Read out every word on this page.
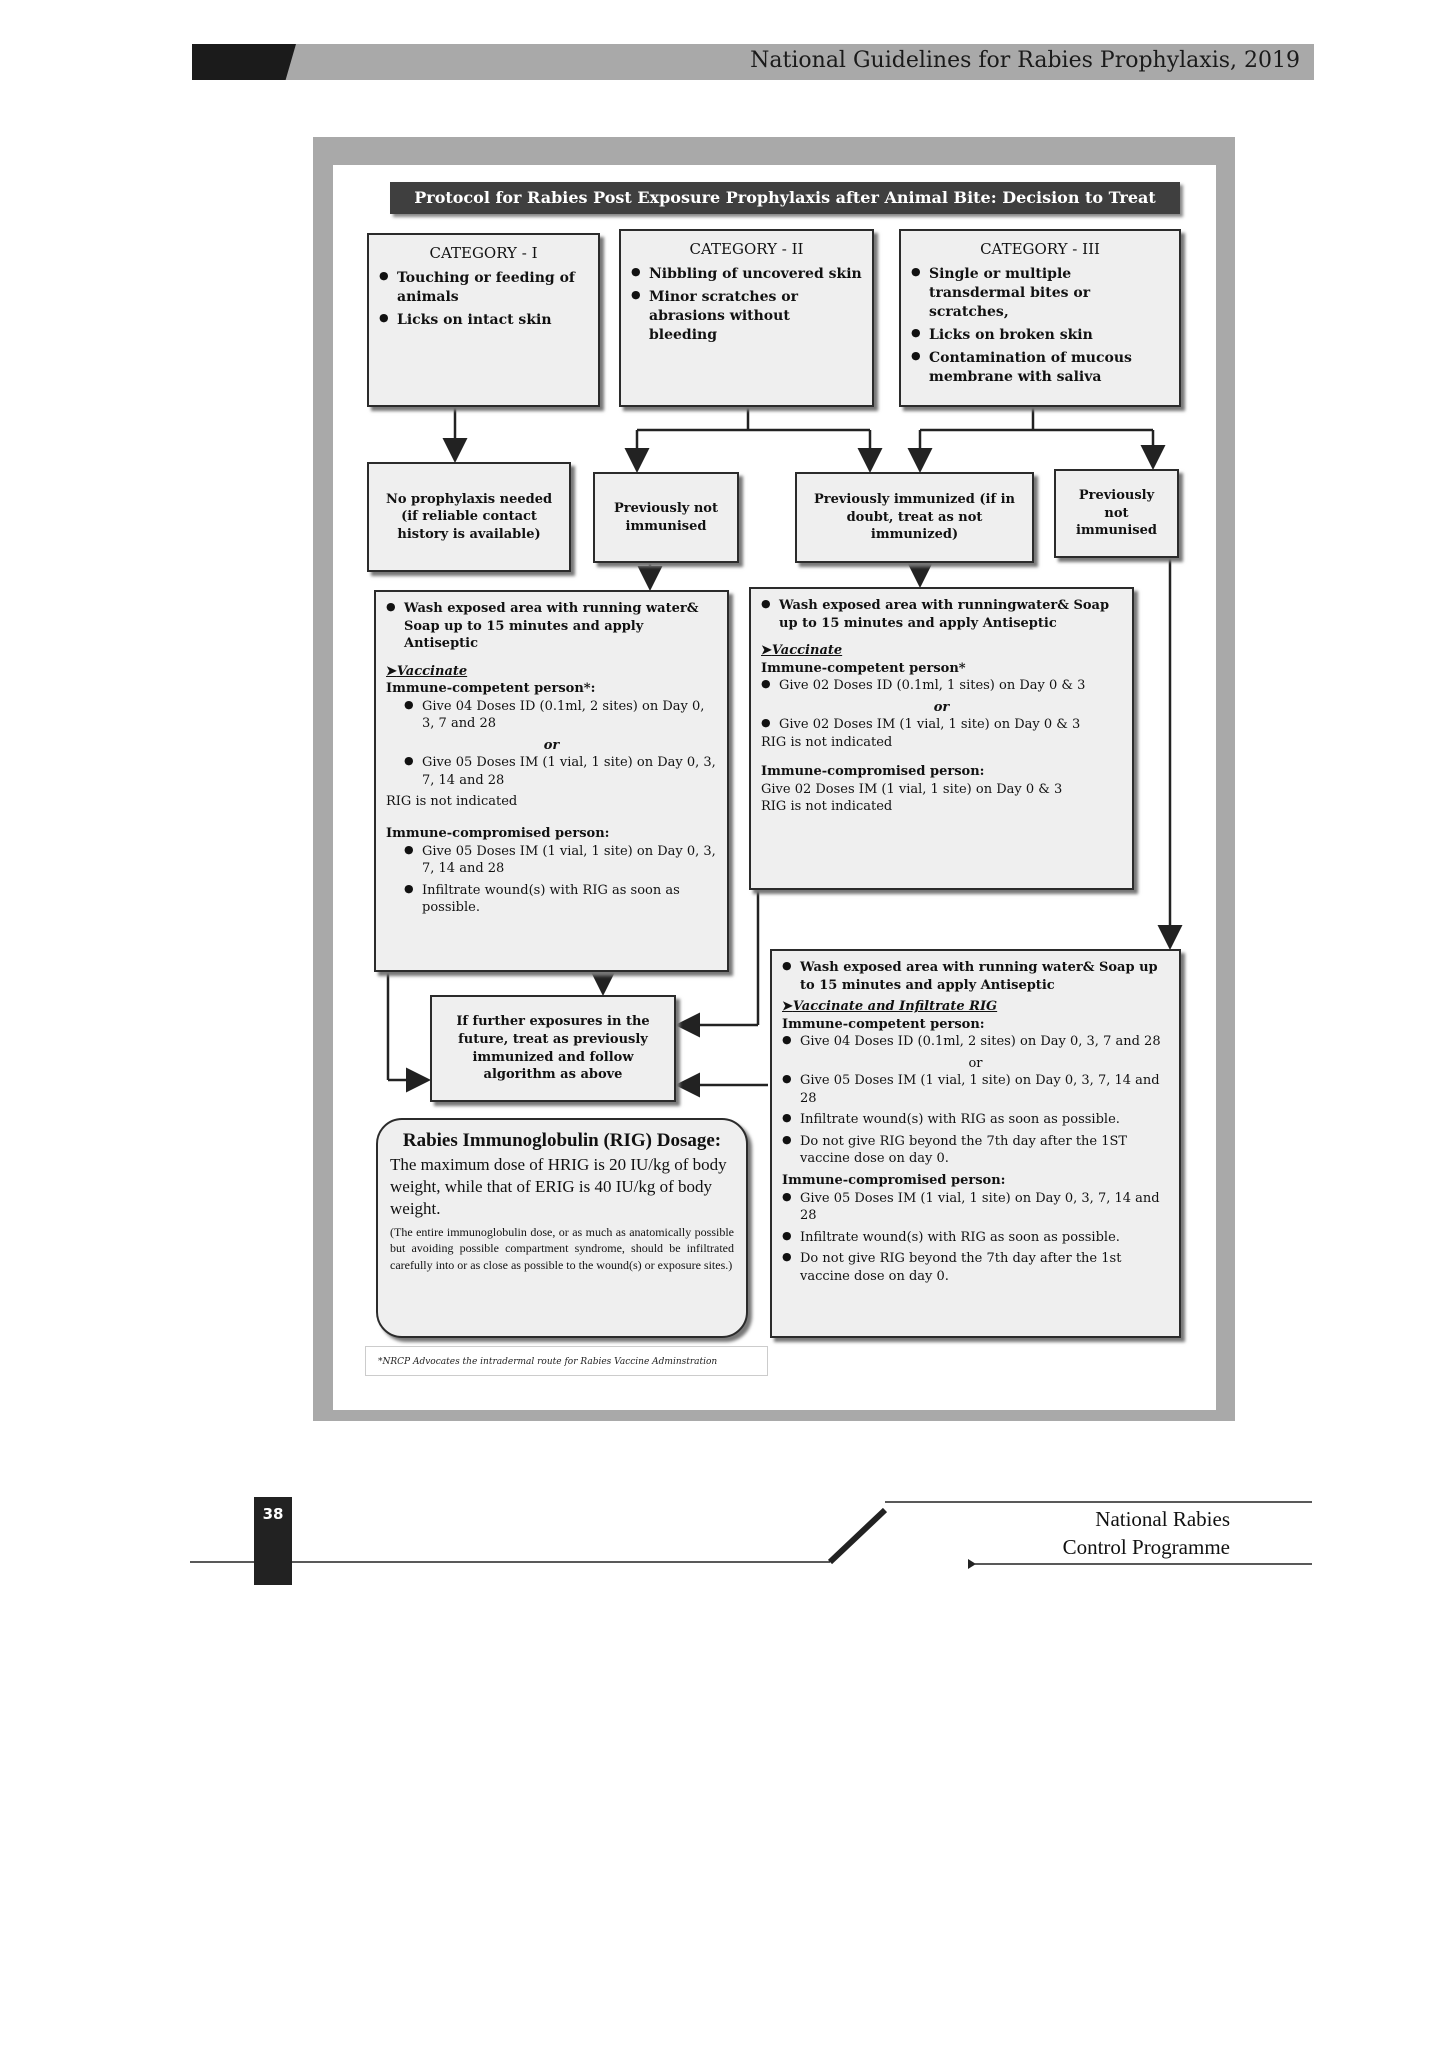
National Guidelines for Rabies Prophylaxis, 2019
Protocol for Rabies Post Exposure Prophylaxis after Animal Bite: Decision to Treat
CATEGORY - I
● Touching or feeding of animals
● Licks on intact skin
CATEGORY - II
● Nibbling of uncovered skin
● Minor scratches or abrasions without bleeding
CATEGORY - III
● Single or multiple transdermal bites or scratches,
● Licks on broken skin
● Contamination of mucous membrane with saliva
No prophylaxis needed (if reliable contact history is available)
Previously not immunised
Previously immunized (if in doubt, treat as not immunized)
Previously not immunised
● Wash exposed area with running water& Soap up to 15 minutes and apply Antiseptic
➤ Vaccinate
Immune-competent person*:
● Give 04 Doses ID (0.1ml, 2 sites) on Day 0, 3, 7 and 28

or

● Give 05 Doses IM (1 vial, 1 site) on Day 0, 3, 7, 14 and 28
RIG is not indicated
Immune-compromised person:
● Give 05 Doses IM (1 vial, 1 site) on Day 0, 3, 7, 14 and 28
● Infiltrate wound(s) with RIG as soon as possible.
● Wash exposed area with runningwater& Soap up to 15 minutes and apply Antiseptic
➤ Vaccinate
Immune-competent person*
● Give 02 Doses ID (0.1ml, 1 sites) on Day 0 & 3

or

● Give 02 Doses IM (1 vial, 1 site) on Day 0 & 3
RIG is not indicated
Immune-compromised person:
Give 02 Doses IM (1 vial, 1 site) on Day 0 & 3
RIG is not indicated
If further exposures in the future, treat as previously immunized and follow algorithm as above
● Wash exposed area with running water& Soap up to 15 minutes and apply Antiseptic
➤ Vaccinate and Infiltrate RIG
Immune-competent person:
● Give 04 Doses ID (0.1ml, 2 sites) on Day 0, 3, 7 and 28

or

● Give 05 Doses IM (1 vial, 1 site) on Day 0, 3, 7, 14 and 28
● Infiltrate wound(s) with RIG as soon as possible.
● Do not give RIG beyond the 7th day after the 1ST vaccine dose on day 0.
Immune-compromised person:
● Give 05 Doses IM (1 vial, 1 site) on Day 0, 3, 7, 14 and 28
● Infiltrate wound(s) with RIG as soon as possible.
● Do not give RIG beyond the 7th day after the 1st vaccine dose on day 0.

Rabies Immunoglobulin (RIG) Dosage:

The maximum dose of HRIG is 20 IU/kg of body weight, while that of ERIG is 40 IU/kg of body weight.

(The entire immunoglobulin dose, or as much as anatomically possible but avoiding possible compartment syndrome, should be infiltrated carefully into or as close as possible to the wound(s) or exposure sites.)

*NRCP Advocates the intradermal route for Rabies Vaccine Adminstration
38	National Rabies
Control Programme
